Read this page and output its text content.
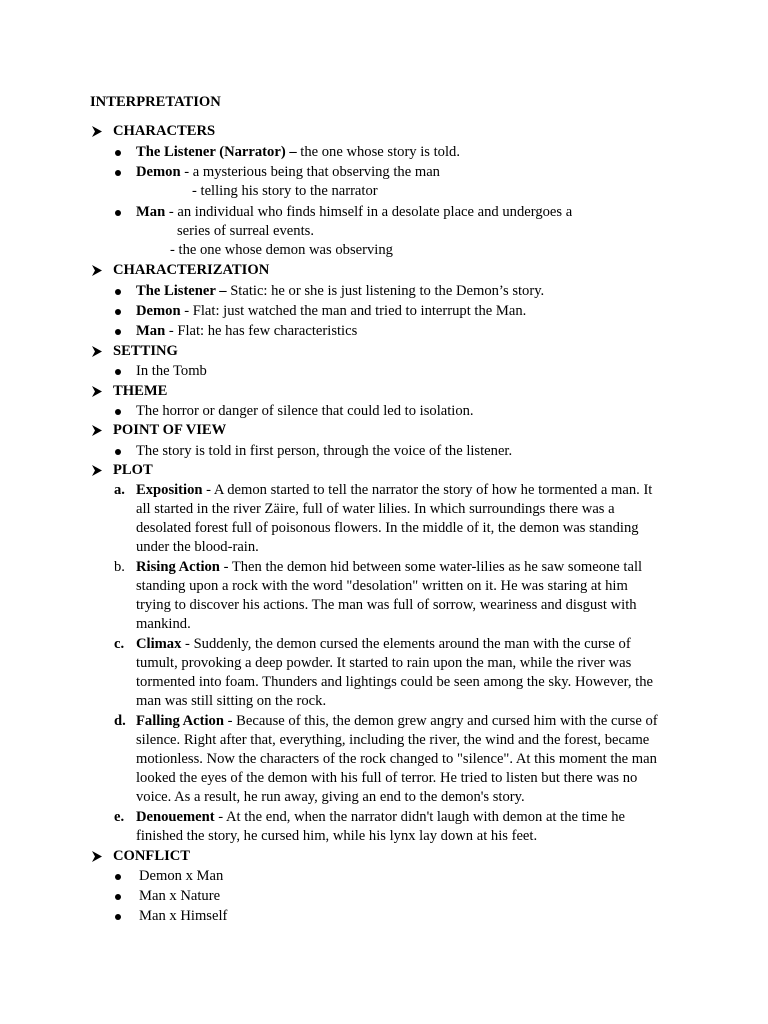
INTERPRETATION
CHARACTERS
The Listener (Narrator) – the one whose story is told.
Demon - a mysterious being that observing the man
- telling his story to the narrator
Man - an individual who finds himself in a desolate place and undergoes a
series of surreal events.
- the one whose demon was observing
CHARACTERIZATION
The Listener – Static: he or she is just listening to the Demon’s story.
Demon - Flat: just watched the man and tried to interrupt the Man.
Man - Flat: he has few characteristics
SETTING
In the Tomb
THEME
The horror or danger of silence that could led to isolation.
POINT OF VIEW
The story is told in first person, through the voice of the listener.
PLOT
a. Exposition - A demon started to tell the narrator the story of how he tormented a man. It
all started in the river Zäire, full of water lilies. In which surroundings there was a
desolated forest full of poisonous flowers. In the middle of it, the demon was standing
under the blood-rain.
b. Rising Action - Then the demon hid between some water-lilies as he saw someone tall
standing upon a rock with the word "desolation" written on it. He was staring at him
trying to discover his actions. The man was full of sorrow, weariness and disgust with
mankind.
c. Climax - Suddenly, the demon cursed the elements around the man with the curse of
tumult, provoking a deep powder. It started to rain upon the man, while the river was
tormented into foam. Thunders and lightings could be seen among the sky. However, the
man was still sitting on the rock.
d. Falling Action - Because of this, the demon grew angry and cursed him with the curse of
silence. Right after that, everything, including the river, the wind and the forest, became
motionless. Now the characters of the rock changed to "silence". At this moment the man
looked the eyes of the demon with his full of terror. He tried to listen but there was no
voice. As a result, he run away, giving an end to the demon's story.
e. Denouement - At the end, when the narrator didn't laugh with demon at the time he
finished the story, he cursed him, while his lynx lay down at his feet.
CONFLICT
Demon x Man
Man x Nature
Man x Himself
